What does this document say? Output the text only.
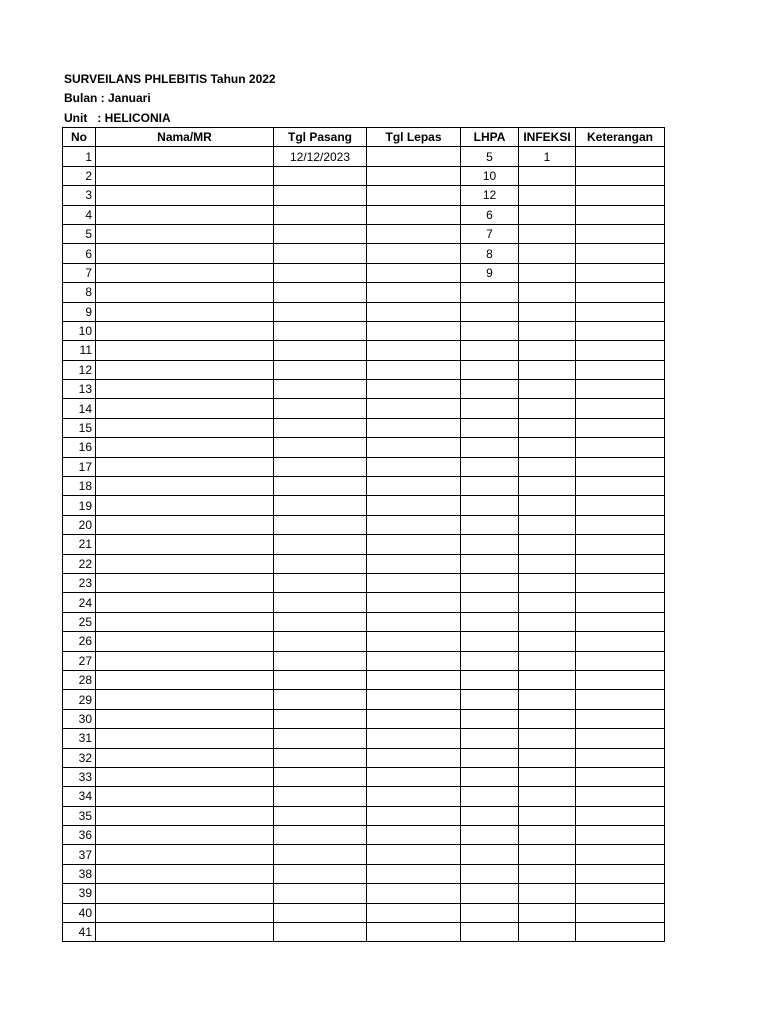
SURVEILANS PHLEBITIS Tahun 2022
Bulan : Januari
Unit   : HELICONIA
No	Nama/MR	Tgl Pasang	Tgl Lepas	LHPA	INFEKSI	Keterangan
1		12/12/2023		5	1	
2				10		
3				12		
4				6		
5				7		
6				8		
7				9		
8						
9						
10						
11						
12						
13						
14						
15						
16						
17						
18						
19						
20						
21						
22						
23						
24						
25						
26						
27						
28						
29						
30						
31						
32						
33						
34						
35						
36						
37						
38						
39						
40						
41						
